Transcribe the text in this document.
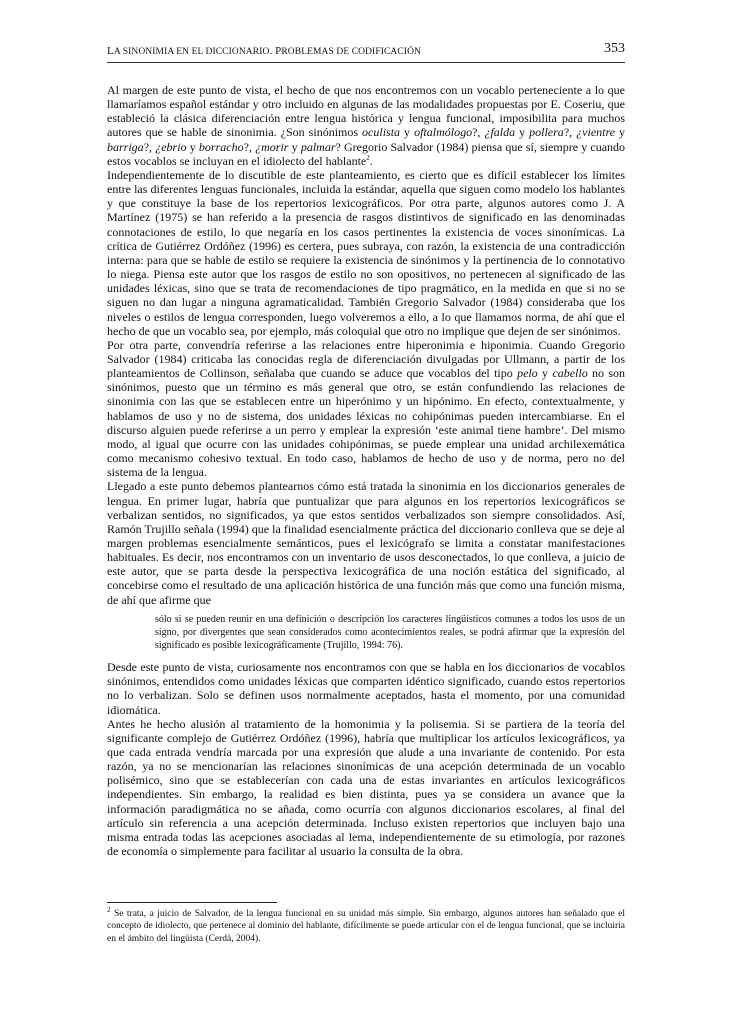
LA SINONIMIA EN EL DICCIONARIO. PROBLEMAS DE CODIFICACIÓN	353

Al margen de este punto de vista, el hecho de que nos encontremos con un vocablo perteneciente a lo que llamaríamos español estándar y otro incluido en algunas de las modalidades propuestas por E. Coseriu, que estableció la clásica diferenciación entre lengua histórica y lengua funcional, imposibilita para muchos autores que se hable de sinonimia. ¿Son sinónimos oculista y oftalmólogo?, ¿falda y pollera?, ¿vientre y barriga?, ¿ebrio y borracho?, ¿morir y palmar? Gregorio Salvador (1984) piensa que sí, siempre y cuando estos vocablos se incluyan en el idiolecto del hablante$^2$.

Independientemente de lo discutible de este planteamiento, es cierto que es difícil establecer los límites entre las diferentes lenguas funcionales, incluida la estándar, aquella que siguen como modelo los hablantes y que constituye la base de los repertorios lexicográficos. Por otra parte, algunos autores como J. A Martínez (1975) se han referido a la presencia de rasgos distintivos de significado en las denominadas connotaciones de estilo, lo que negaría en los casos pertinentes la existencia de voces sinonímicas. La crítica de Gutiérrez Ordóñez (1996) es certera, pues subraya, con razón, la existencia de una contradicción interna: para que se hable de estilo se requiere la existencia de sinónimos y la pertinencia de lo connotativo lo niega. Piensa este autor que los rasgos de estilo no son opositivos, no pertenecen al significado de las unidades léxicas, sino que se trata de recomendaciones de tipo pragmático, en la medida en que si no se siguen no dan lugar a ninguna agramaticalidad. También Gregorio Salvador (1984) consideraba que los niveles o estilos de lengua corresponden, luego volveremos a ello, a lo que llamamos norma, de ahí que el hecho de que un vocablo sea, por ejemplo, más coloquial que otro no implique que dejen de ser sinónimos.

Por otra parte, convendría referirse a las relaciones entre hiperonimia e hiponimia. Cuando Gregorio Salvador (1984) criticaba las conocidas regla de diferenciación divulgadas por Ullmann, a partir de los planteamientos de Collinson, señalaba que cuando se aduce que vocablos del tipo pelo y cabello no son sinónimos, puesto que un término es más general que otro, se están confundiendo las relaciones de sinonimia con las que se establecen entre un hiperónimo y un hipónimo. En efecto, contextualmente, y hablamos de uso y no de sistema, dos unidades léxicas no cohipónimas pueden intercambiarse. En el discurso alguien puede referirse a un perro y emplear la expresión ‘este animal tiene hambre’. Del mismo modo, al igual que ocurre con las unidades cohipónimas, se puede emplear una unidad archilexemática como mecanismo cohesivo textual. En todo caso, hablamos de hecho de uso y de norma, pero no del sistema de la lengua.

Llegado a este punto debemos plantearnos cómo está tratada la sinonimia en los diccionarios generales de lengua. En primer lugar, habría que puntualizar que para algunos en los repertorios lexicográficos se verbalizan sentidos, no significados, ya que estos sentidos verbalizados son siempre consolidados. Así, Ramón Trujillo señala (1994) que la finalidad esencialmente práctica del diccionario conlleva que se deje al margen problemas esencialmente semánticos, pues el lexicógrafo se limita a constatar manifestaciones habituales. Es decir, nos encontramos con un inventario de usos desconectados, lo que conlleva, a juicio de este autor, que se parta desde la perspectiva lexicográfica de una noción estática del significado, al concebirse como el resultado de una aplicación histórica de una función más que como una función misma, de ahí que afirme que

sólo si se pueden reunir en una definición o descripción los caracteres lingüísticos comunes a todos los usos de un signo, por divergentes que sean considerados como acontecimientos reales, se podrá afirmar que la expresión del significado es posible lexicográficamente (Trujillo, 1994: 76).

Desde este punto de vista, curiosamente nos encontramos con que se habla en los diccionarios de vocablos sinónimos, entendidos como unidades léxicas que comparten idéntico significado, cuando estos repertorios no lo verbalizan. Solo se definen usos normalmente aceptados, hasta el momento, por una comunidad idiomática.

Antes he hecho alusión al tratamiento de la homonimia y la polisemia. Si se partiera de la teoría del significante complejo de Gutiérrez Ordóñez (1996), habría que multiplicar los artículos lexicográficos, ya que cada entrada vendría marcada por una expresión que alude a una invariante de contenido. Por esta razón, ya no se mencionarían las relaciones sinonímicas de una acepción determinada de un vocablo polisémico, sino que se establecerían con cada una de estas invariantes en artículos lexicográficos independientes. Sin embargo, la realidad es bien distinta, pues ya se considera un avance que la información paradigmática no se añada, como ocurría con algunos diccionarios escolares, al final del artículo sin referencia a una acepción determinada. Incluso existen repertorios que incluyen bajo una misma entrada todas las acepciones asociadas al lema, independientemente de su etimología, por razones de economía o simplemente para facilitar al usuario la consulta de la obra.

$^2$ Se trata, a juicio de Salvador, de la lengua funcional en su unidad más simple. Sin embargo, algunos autores han señalado que el concepto de idiolecto, que pertenece al dominio del hablante, difícilmente se puede articular con el de lengua funcional, que se incluiría en el ámbito del lingüista (Cerdá, 2004).
